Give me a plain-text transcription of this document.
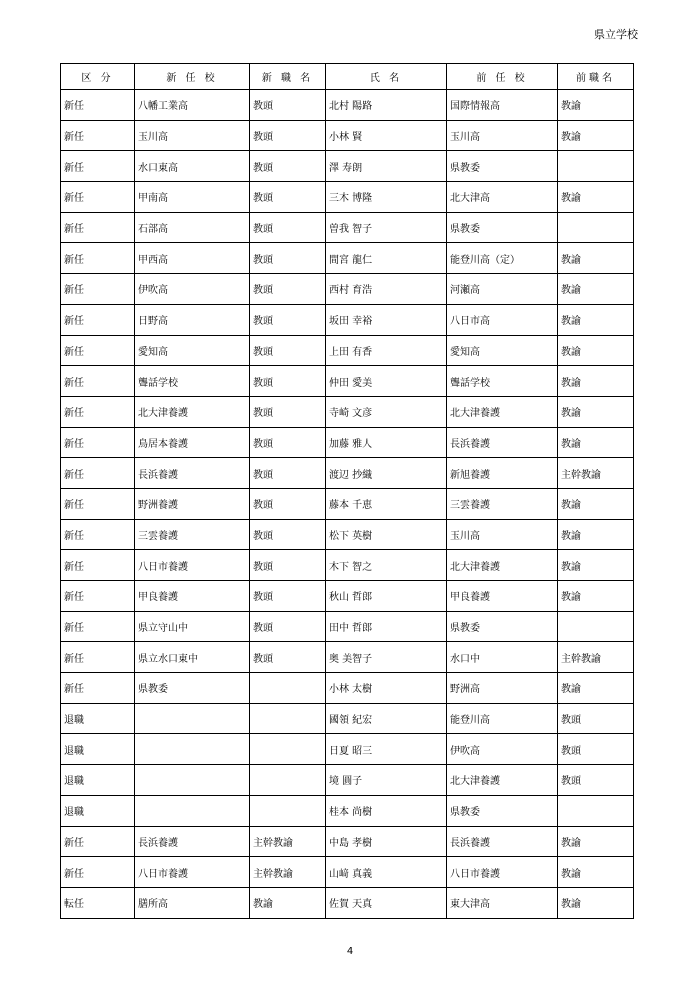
県立学校
区 分	新 任 校	新 職 名	氏 名	前 任 校	前職名
新任	八幡工業高	教頭	北村 陽路	国際情報高	教諭
新任	玉川高	教頭	小林 賢	玉川高	教諭
新任	水口東高	教頭	澤 寿朗	県教委	
新任	甲南高	教頭	三木 博隆	北大津高	教諭
新任	石部高	教頭	曽我 智子	県教委	
新任	甲西高	教頭	間宮 龍仁	能登川高（定）	教諭
新任	伊吹高	教頭	西村 育浩	河瀬高	教諭
新任	日野高	教頭	坂田 幸裕	八日市高	教諭
新任	愛知高	教頭	上田 有香	愛知高	教諭
新任	聾話学校	教頭	仲田 愛美	聾話学校	教諭
新任	北大津養護	教頭	寺崎 文彦	北大津養護	教諭
新任	鳥居本養護	教頭	加藤 雅人	長浜養護	教諭
新任	長浜養護	教頭	渡辺 抄織	新旭養護	主幹教諭
新任	野洲養護	教頭	藤本 千恵	三雲養護	教諭
新任	三雲養護	教頭	松下 英樹	玉川高	教諭
新任	八日市養護	教頭	木下 智之	北大津養護	教諭
新任	甲良養護	教頭	秋山 哲郎	甲良養護	教諭
新任	県立守山中	教頭	田中 哲郎	県教委	
新任	県立水口東中	教頭	奥 美智子	水口中	主幹教諭
新任	県教委		小林 太樹	野洲高	教諭
退職			國領 紀宏	能登川高	教頭
退職			日夏 昭三	伊吹高	教頭
退職			境 圓子	北大津養護	教頭
退職			桂本 尚樹	県教委	
新任	長浜養護	主幹教諭	中島 孝樹	長浜養護	教諭
新任	八日市養護	主幹教諭	山﨑 真義	八日市養護	教諭
転任	膳所高	教諭	佐賀 天真	東大津高	教諭
4
